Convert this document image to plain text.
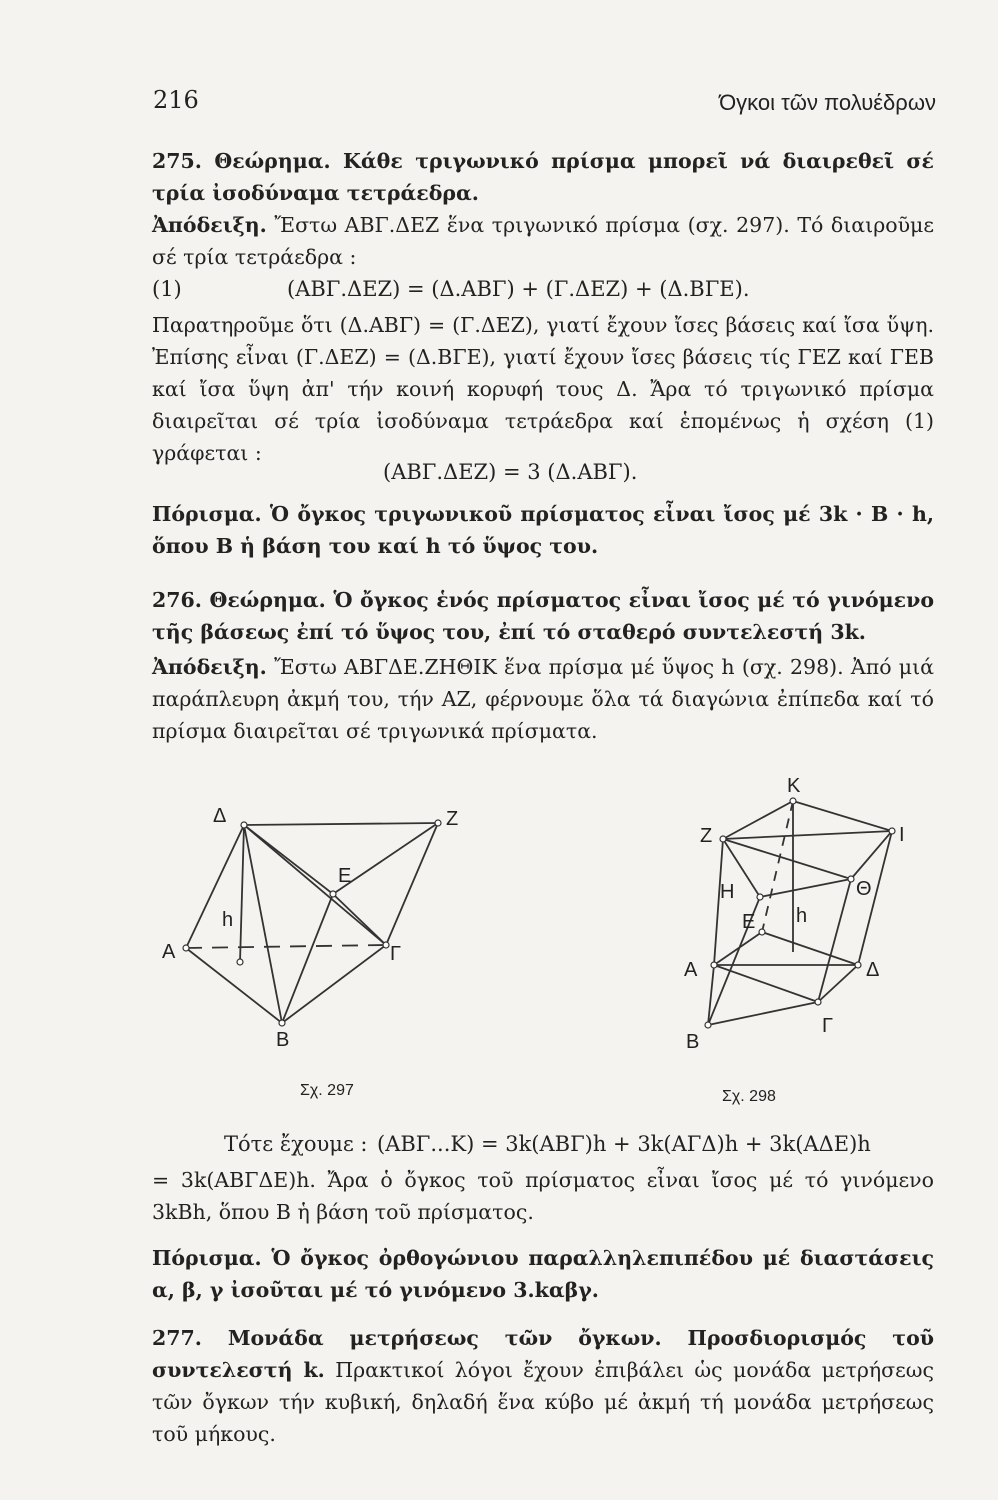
216	Όγκοι τῶν πολυέδρων
275. Θεώρημα. Κάθε τριγωνικό πρίσμα μπορεῖ νά διαιρεθεῖ σέ τρία ἰσοδύναμα τετράεδρα.
Ἀπόδειξη. Ἔστω ΑΒΓ.ΔΕΖ ἕνα τριγωνικό πρίσμα (σχ. 297). Τό διαιροῦμε σέ τρία τετράεδρα :
(1)	(ΑΒΓ.ΔΕΖ) = (Δ.ΑΒΓ) + (Γ.ΔΕΖ) + (Δ.ΒΓΕ).
Παρατηροῦμε ὅτι (Δ.ΑΒΓ) = (Γ.ΔΕΖ), γιατί ἔχουν ἴσες βάσεις καί ἴσα ὕψη. Ἐπίσης εἶναι (Γ.ΔΕΖ) = (Δ.ΒΓΕ), γιατί ἔχουν ἴσες βάσεις τίς ΓΕΖ καί ΓΕΒ καί ἴσα ὕψη ἀπ' τήν κοινή κορυφή τους Δ. Ἄρα τό τριγωνικό πρίσμα διαιρεῖται σέ τρία ἰσοδύναμα τετράεδρα καί ἑπομένως ἡ σχέση (1) γράφεται :
(ΑΒΓ.ΔΕΖ) = 3 (Δ.ΑΒΓ).
Πόρισμα. Ὁ ὄγκος τριγωνικοῦ πρίσματος εἶναι ἴσος μέ 3k · B · h, ὅπου B ἡ βάση του καί h τό ὕψος του.
276. Θεώρημα. Ὁ ὄγκος ἑνός πρίσματος εἶναι ἴσος μέ τό γινόμενο τῆς βάσεως ἐπί τό ὕψος του, ἐπί τό σταθερό συντελεστή 3k.
Ἀπόδειξη. Ἔστω ΑΒΓΔΕ.ΖΗΘΙΚ ἕνα πρίσμα μέ ὕψος h (σχ. 298). Ἀπό μιά παράπλευρη ἀκμή του, τήν ΑΖ, φέρνουμε ὅλα τά διαγώνια ἐπίπεδα καί τό πρίσμα διαιρεῖται σέ τριγωνικά πρίσματα.
Δ	Z
E
A	Γ
B
h
Σχ. 297
K
Z	I
H	Θ
E h
A	Δ
B
Γ
Σχ. 298
Τότε ἔχουμε : (ΑΒΓ...Κ) = 3k(ΑΒΓ)h + 3k(ΑΓΔ)h + 3k(ΑΔΕ)h
= 3k(ΑΒΓΔΕ)h. Ἄρα ὁ ὄγκος τοῦ πρίσματος εἶναι ἴσος μέ τό γινόμενο 3kBh, ὅπου B ἡ βάση τοῦ πρίσματος.
Πόρισμα. Ὁ ὄγκος ὀρθογώνιου παραλληλεπιπέδου μέ διαστάσεις α, β, γ ἰσοῦται μέ τό γινόμενο 3.kαβγ.
277. Μονάδα μετρήσεως τῶν ὄγκων. Προσδιορισμός τοῦ συντελεστή k. Πρακτικοί λόγοι ἔχουν ἐπιβάλει ὡς μονάδα μετρήσεως τῶν ὄγκων τήν κυβική, δηλαδή ἕνα κύβο μέ ἀκμή τή μονάδα μετρήσεως τοῦ μήκους.
